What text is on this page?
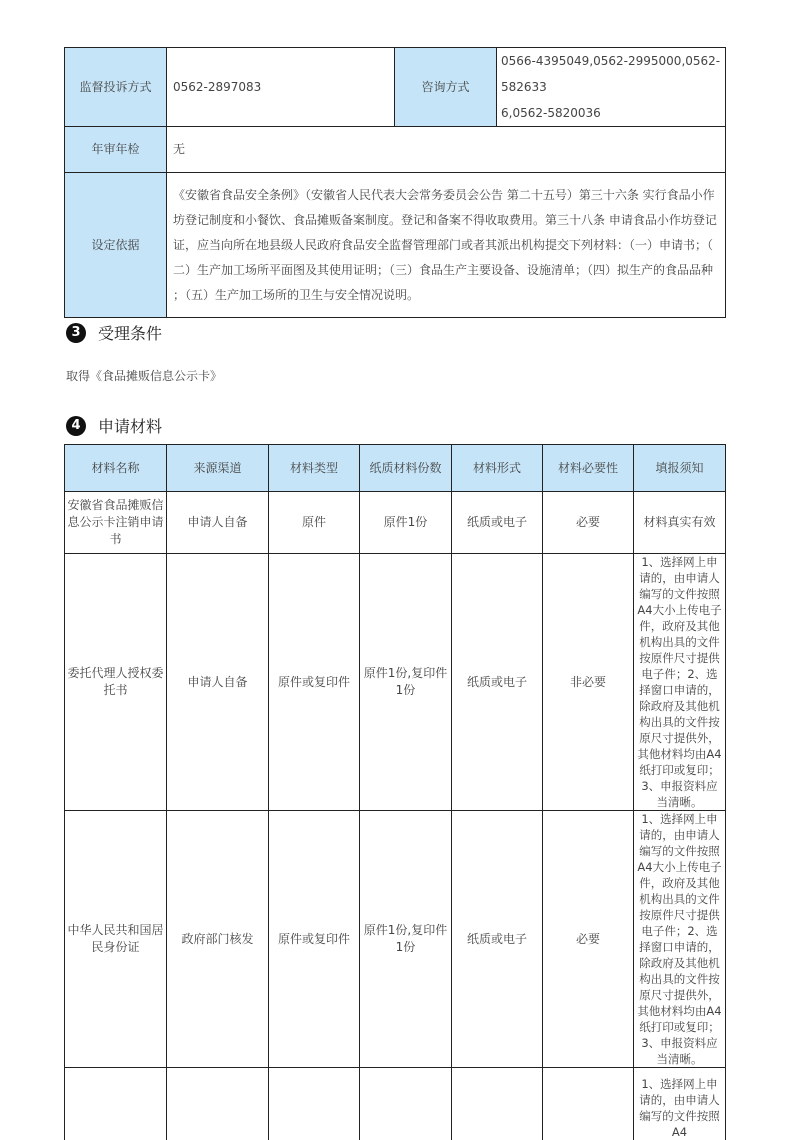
监督投诉方式	0562-2897083	咨询方式	0566-4395049,0562-2995000,0562-582633
6,0562-5820036

年审年检	无		
设定依据	《安徽省食品安全条例》（安徽省人民代表大会常务委员会公告 第二十五号）第三十六条 实行食品小作
坊登记制度和小餐饮、食品摊贩备案制度。登记和备案不得收取费用。第三十八条 申请食品小作坊登记
证，应当向所在地县级人民政府食品安全监督管理部门或者其派出机构提交下列材料：（一）申请书；（
二）生产加工场所平面图及其使用证明；（三）食品生产主要设备、设施清单；（四）拟生产的食品品种
；（五）生产加工场所的卫生与安全情况说明。		
3	受理条件
取得《食品摊贩信息公示卡》
4	申请材料
材料名称	来源渠道	材料类型	纸质材料份数	材料形式	材料必要性	填报须知
安徽省食品摊贩信息公示卡注销申请书	申请人自备	原件	原件1份	纸质或电子	必要	材料真实有效
委托代理人授权委托书	申请人自备	原件或复印件	原件1份,复印件1份	纸质或电子	非必要	1、选择网上申请的，由申请人编写的文件按照A4大小上传电子件，政府及其他机构出具的文件按原件尺寸提供电子件；2、选择窗口申请的，除政府及其他机构出具的文件按原尺寸提供外，其他材料均由A4纸打印或复印；3、申报资料应当清晰。
中华人民共和国居民身份证	政府部门核发	原件或复印件	原件1份,复印件1份	纸质或电子	必要	1、选择网上申请的，由申请人编写的文件按照A4大小上传电子件，政府及其他机构出具的文件按原件尺寸提供电子件；2、选择窗口申请的，除政府及其他机构出具的文件按原尺寸提供外，其他材料均由A4纸打印或复印；3、申报资料应当清晰。
						1、选择网上申请的，由申请人编写的文件按照A4
